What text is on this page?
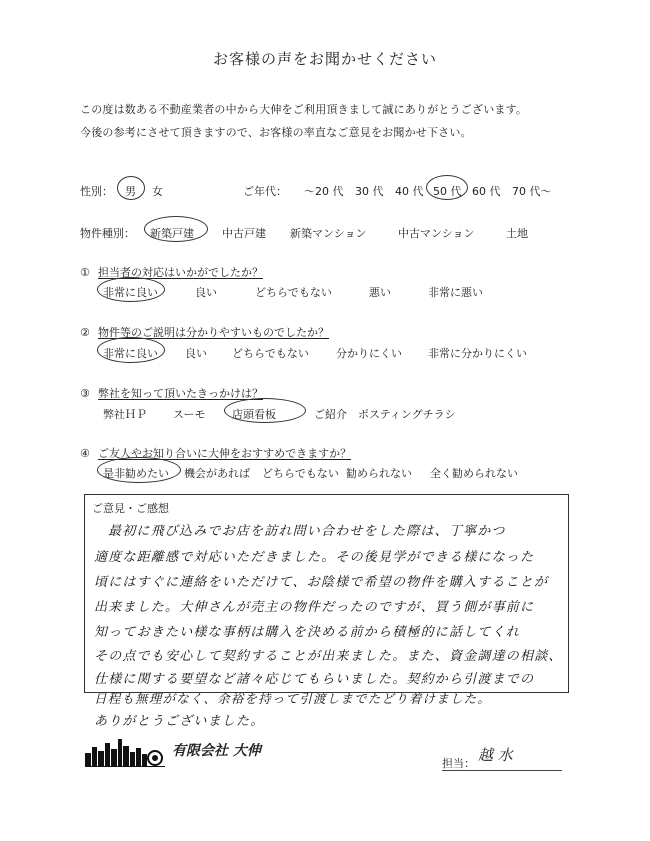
お客様の声をお聞かせください
この度は数ある不動産業者の中から大伸をご利用頂きまして誠にありがとうございます。
今後の参考にさせて頂きますので、お客様の率直なご意見をお聞かせ下さい。
性別： 男 女	ご年代： ～20 代 30 代 40 代 50 代 60 代 70 代～
物件種別： 新築戸建	中古戸建 新築マンション	中古マンション	土地
① 担当者の対応はいかがでしたか？
非常に良い	良い	どちらでもない	悪い	非常に悪い
② 物件等のご説明は分かりやすいものでしたか？
非常に良い 良い どちらでもない 分かりにくい 非常に分かりにくい
③ 弊社を知って頂いたきっかけは？
弊社ＨＰ スーモ 店頭看板	ご紹介 ポスティングチラシ
④ ご友人やお知り合いに大伸をおすすめできますか？
是非勧めたい 機会があれば どちらでもない 勧められない 全く勧められない
ご意見・ご感想
最初に飛び込みでお店を訪れ問い合わせをした際は、丁寧かつ
適度な距離感で対応いただきました。その後見学ができる様になった
頃にはすぐに連絡をいただけて、お陰様で希望の物件を購入することが
出来ました。大伸さんが売主の物件だったのですが、買う側が事前に
知っておきたい様な事柄は購入を決める前から積極的に話してくれ
その点でも安心して契約することが出来ました。また、資金調達の相談、
仕様に関する要望など諸々応じてもらいました。契約から引渡までの
日程も無理がなく、余裕を持って引渡しまでたどり着けました。
ありがとうございました。
有限会社 大伸
担当： 越 水
